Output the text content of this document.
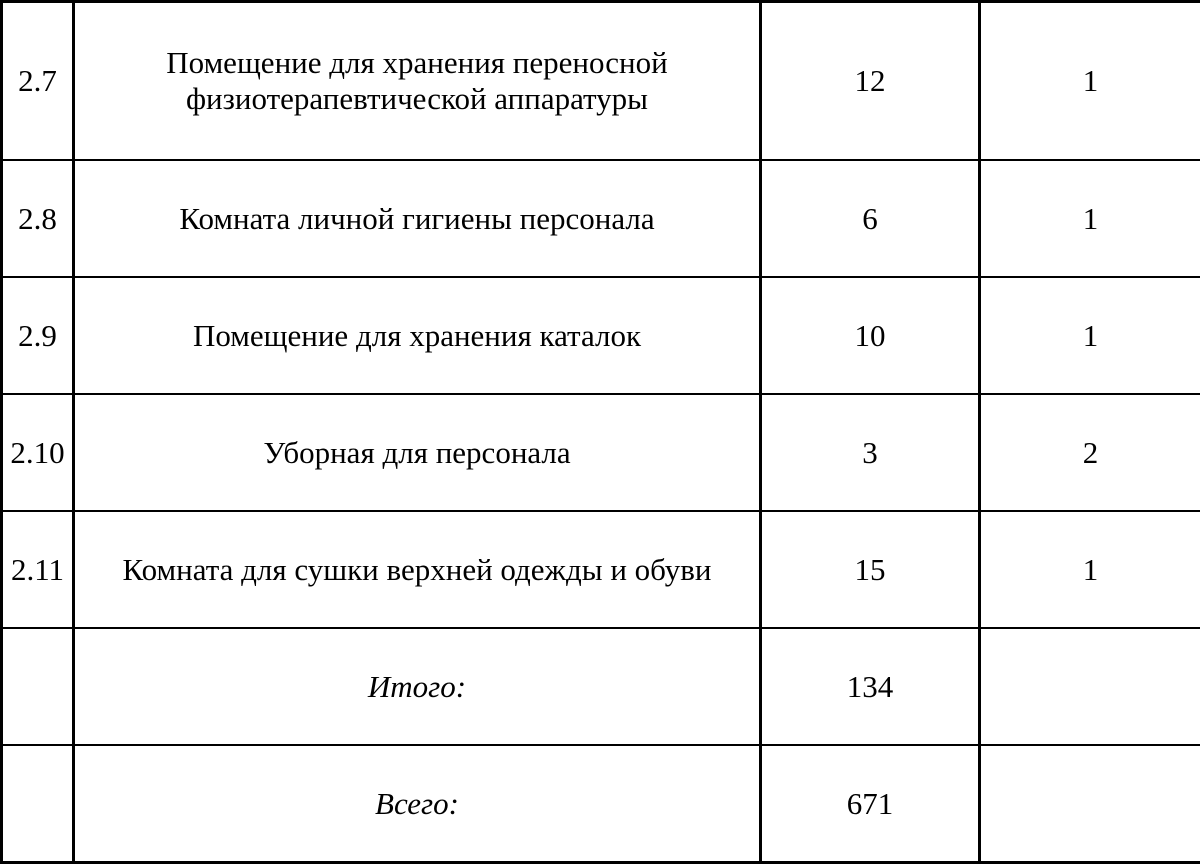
2.7	Помещение для хранения переносной физиотерапевтической аппаратуры	12	1
2.8	Комната личной гигиены персонала	6	1
2.9	Помещение для хранения каталок	10	1
2.10	Уборная для персонала	3	2
2.11	Комната для сушки верхней одежды и обуви	15	1
	Итого:	134	
	Всего:	671	
